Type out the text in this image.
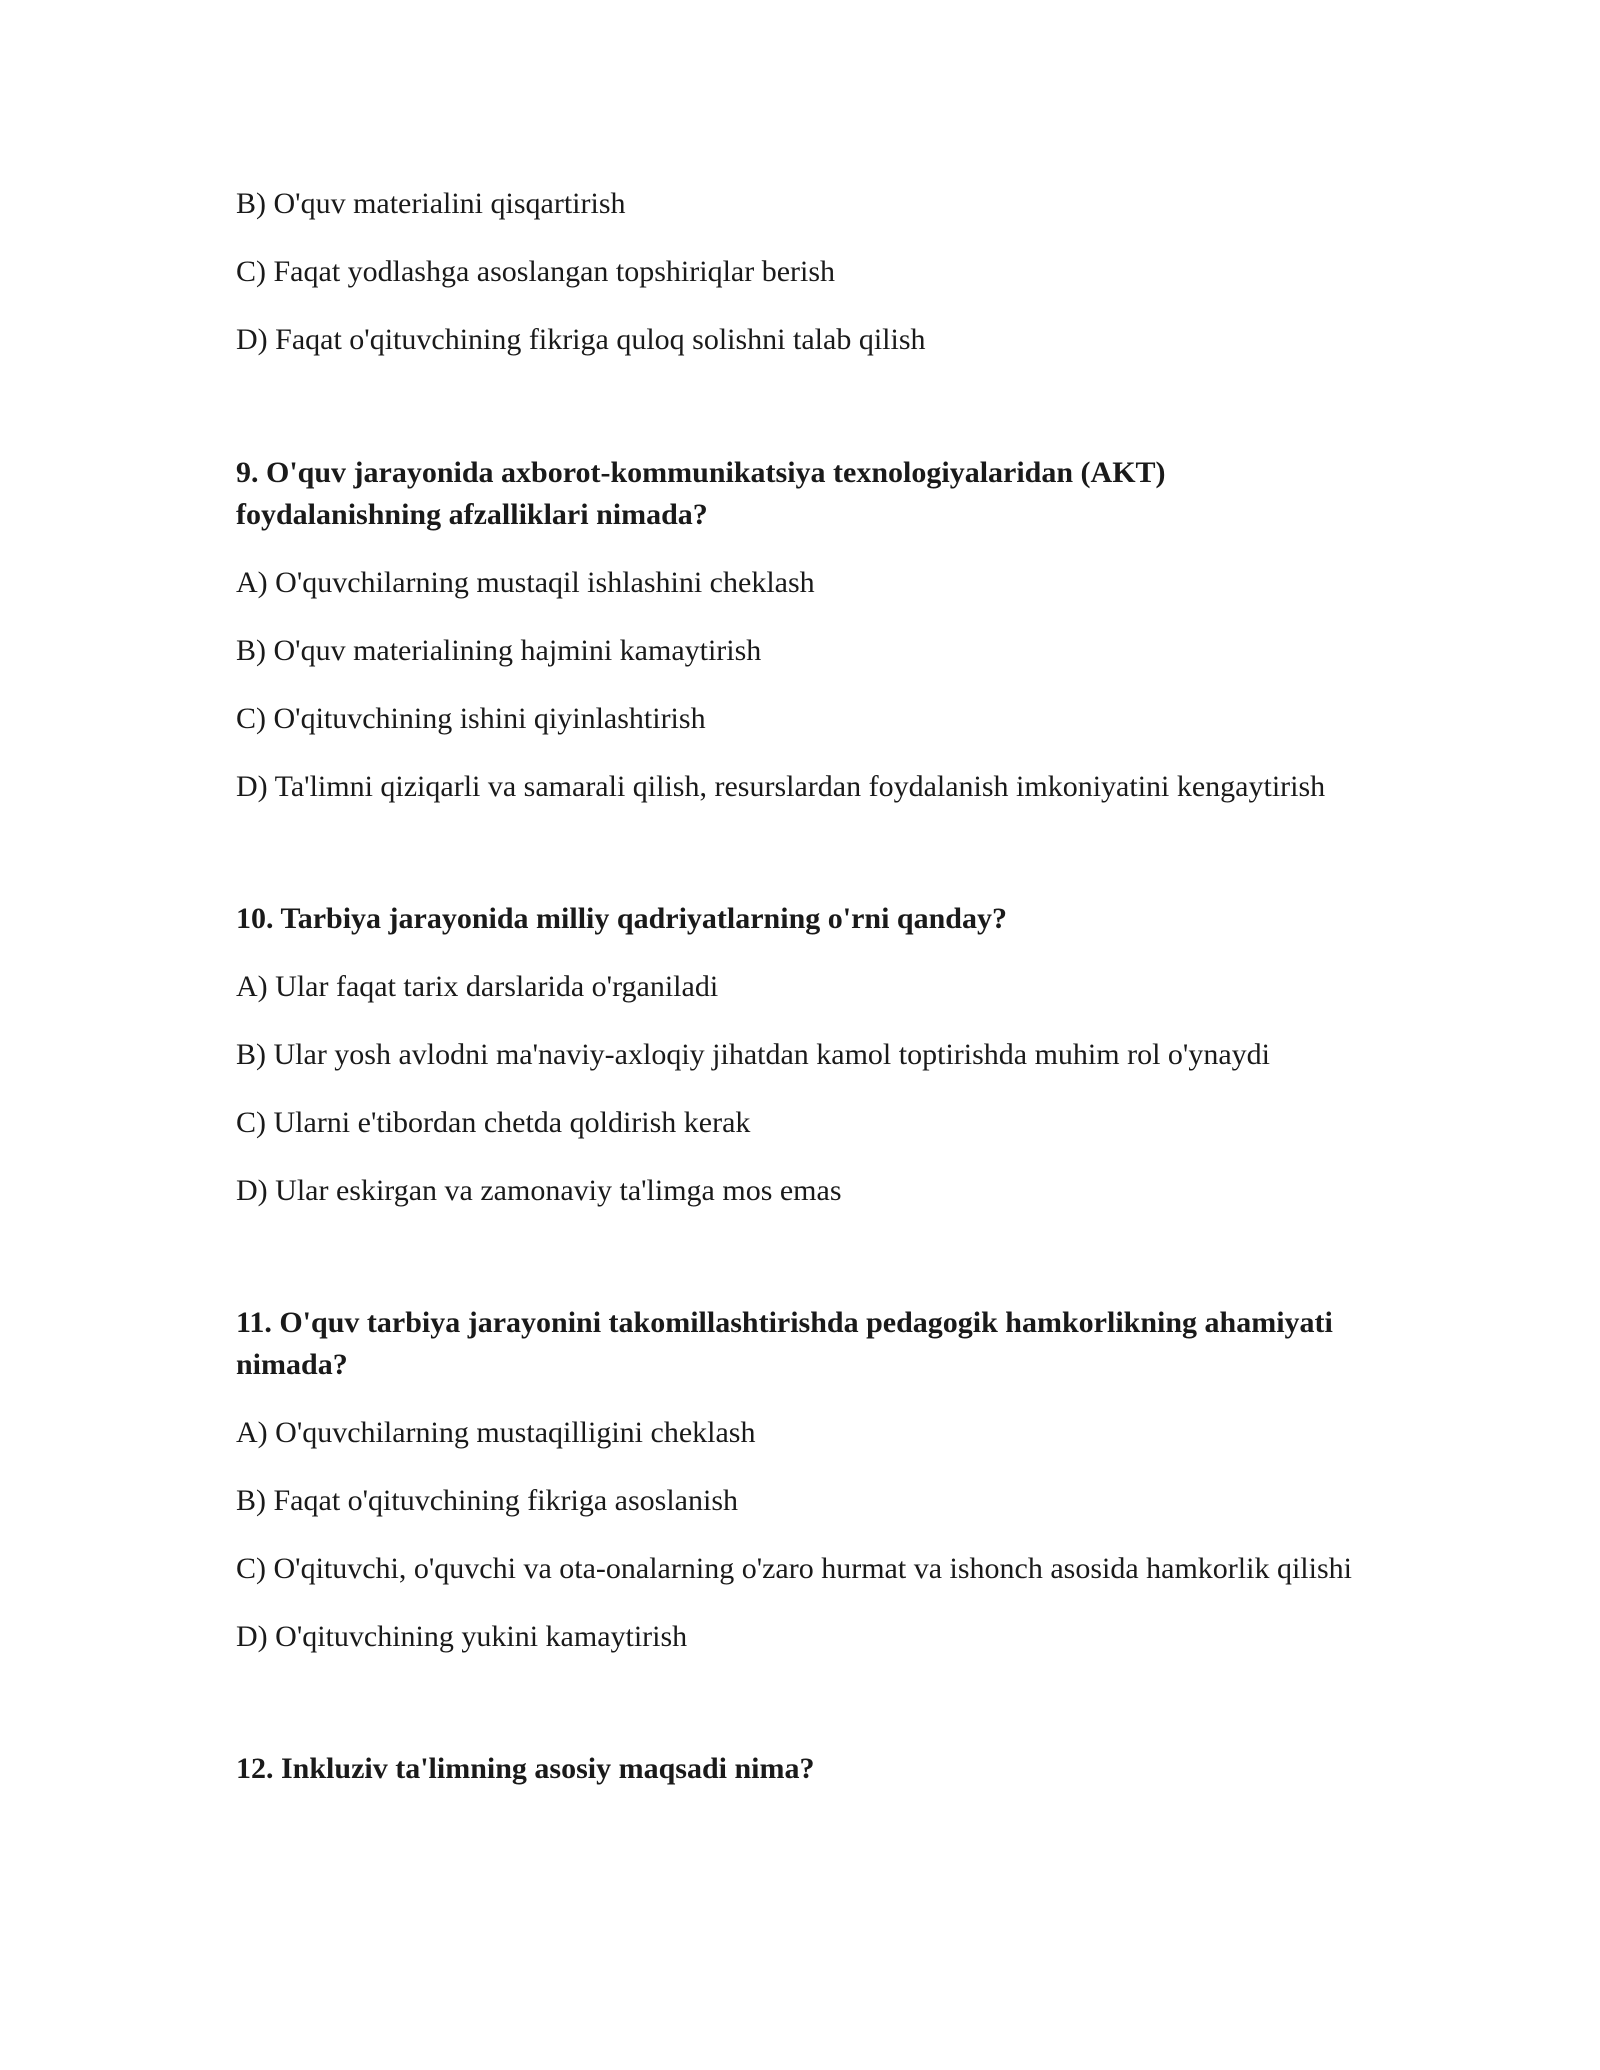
B) O'quv materialini qisqartirish

C) Faqat yodlashga asoslangan topshiriqlar berish

D) Faqat o'qituvchining fikriga quloq solishni talab qilish

9. O'quv jarayonida axborot-kommunikatsiya texnologiyalaridan (AKT) foydalanishning afzalliklari nimada?

A) O'quvchilarning mustaqil ishlashini cheklash

B) O'quv materialining hajmini kamaytirish

C) O'qituvchining ishini qiyinlashtirish

D) Ta'limni qiziqarli va samarali qilish, resurslardan foydalanish imkoniyatini kengaytirish

10. Tarbiya jarayonida milliy qadriyatlarning o'rni qanday?

A) Ular faqat tarix darslarida o'rganiladi

B) Ular yosh avlodni ma'naviy-axloqiy jihatdan kamol toptirishda muhim rol o'ynaydi

C) Ularni e'tibordan chetda qoldirish kerak

D) Ular eskirgan va zamonaviy ta'limga mos emas

11. O'quv tarbiya jarayonini takomillashtirishda pedagogik hamkorlikning ahamiyati nimada?

A) O'quvchilarning mustaqilligini cheklash

B) Faqat o'qituvchining fikriga asoslanish

C) O'qituvchi, o'quvchi va ota-onalarning o'zaro hurmat va ishonch asosida hamkorlik qilishi

D) O'qituvchining yukini kamaytirish

12. Inkluziv ta'limning asosiy maqsadi nima?
